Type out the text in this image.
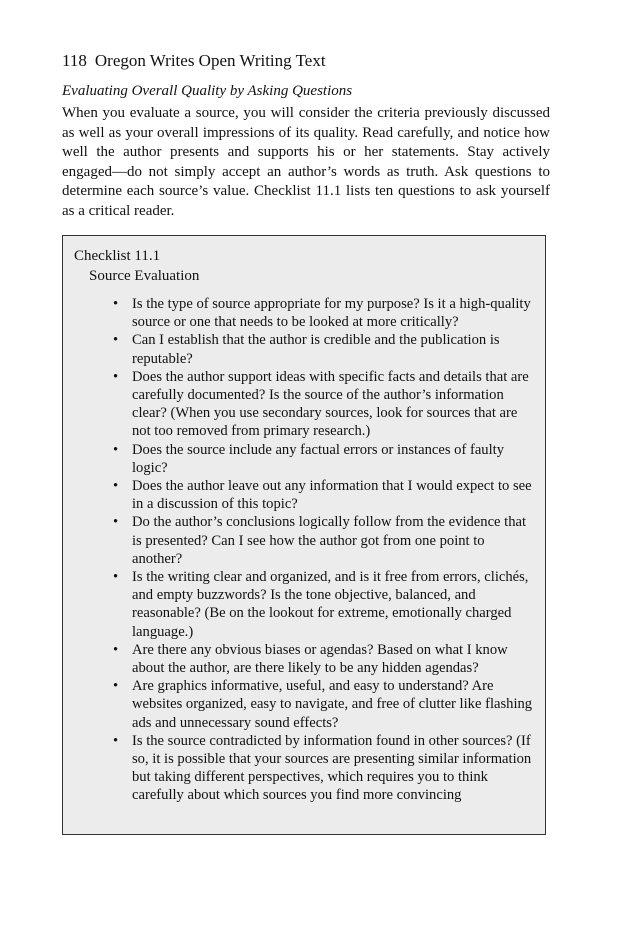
118 Oregon Writes Open Writing Text
Evaluating Overall Quality by Asking Questions
When you evaluate a source, you will consider the criteria previously discussed as well as your overall impressions of its quality. Read carefully, and notice how well the author presents and supports his or her statements. Stay actively engaged—do not simply accept an author’s words as truth. Ask questions to determine each source’s value. Checklist 11.1 lists ten questions to ask yourself as a critical reader.
Checklist 11.1
Source Evaluation
• Is the type of source appropriate for my purpose? Is it a high-quality source or one that needs to be looked at more critically?
• Can I establish that the author is credible and the publication is reputable?
• Does the author support ideas with specific facts and details that are carefully documented? Is the source of the author’s information clear? (When you use secondary sources, look for sources that are not too removed from primary research.)
• Does the source include any factual errors or instances of faulty logic?
• Does the author leave out any information that I would expect to see in a discussion of this topic?
• Do the author’s conclusions logically follow from the evidence that is presented? Can I see how the author got from one point to another?
• Is the writing clear and organized, and is it free from errors, clichés, and empty buzzwords? Is the tone objective, balanced, and reasonable? (Be on the lookout for extreme, emotionally charged language.)
• Are there any obvious biases or agendas? Based on what I know about the author, are there likely to be any hidden agendas?
• Are graphics informative, useful, and easy to understand? Are websites organized, easy to navigate, and free of clutter like flashing ads and unnecessary sound effects?
• Is the source contradicted by information found in other sources? (If so, it is possible that your sources are presenting similar information but taking different perspectives, which requires you to think carefully about which sources you find more convincing
